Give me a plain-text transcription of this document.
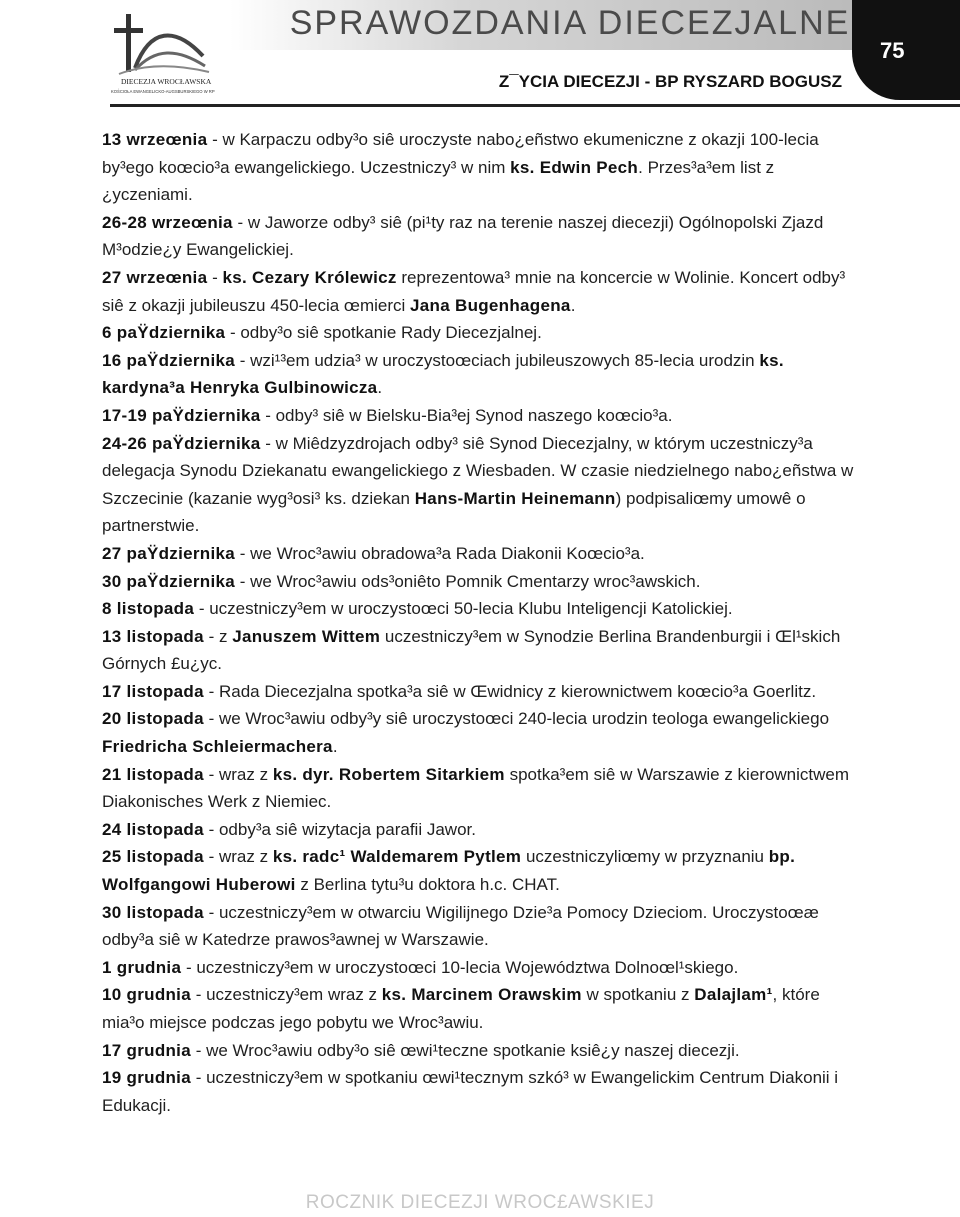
DIECEZJA WROCŁAWSKA
KOŚCIOŁA EWANGELICKO-AUGSBURSKIEGO W RP
SPRAWOZDANIA DIECEZJALNE
Z¯YCIA DIECEZJI - BP RYSZARD BOGUSZ
75
13 wrzeœnia - w Karpaczu odby³o siê uroczyste nabo¿eñstwo ekumeniczne z okazji 100-lecia by³ego koœcio³a ewangelickiego. Uczestniczy³ w nim ks. Edwin Pech. Przes³a³em list z ¿yczeniami.
26-28 wrzeœnia - w Jaworze odby³ siê (pi¹ty raz na terenie naszej diecezji) Ogólnopolski Zjazd M³odzie¿y Ewangelickiej.
27 wrzeœnia - ks. Cezary Królewicz reprezentowa³ mnie na koncercie w Wolinie. Koncert odby³ siê z okazji jubileuszu 450-lecia œmierci Jana Bugenhagena.
6 paŸdziernika - odby³o siê spotkanie Rady Diecezjalnej.
16 paŸdziernika - wzi¹³em udzia³ w uroczystoœciach jubileuszowych 85-lecia urodzin ks. kardyna³a Henryka Gulbinowicza.
17-19 paŸdziernika - odby³ siê w Bielsku-Bia³ej Synod naszego koœcio³a.
24-26 paŸdziernika - w Miêdzyzdrojach odby³ siê Synod Diecezjalny, w którym uczestniczy³a delegacja Synodu Dziekanatu ewangelickiego z Wiesbaden. W czasie niedzielnego nabo¿eñstwa w Szczecinie (kazanie wyg³osi³ ks. dziekan Hans-Martin Heinemann) podpisaliœmy umowê o partnerstwie.
27 paŸdziernika - we Wroc³awiu obradowa³a Rada Diakonii Koœcio³a.
30 paŸdziernika - we Wroc³awiu ods³oniêto Pomnik Cmentarzy wroc³awskich.
8 listopada - uczestniczy³em w uroczystoœci 50-lecia Klubu Inteligencji Katolickiej.
13 listopada - z Januszem Wittem uczestniczy³em w Synodzie Berlina Brandenburgii i Œl¹skich Górnych £u¿yc.
17 listopada - Rada Diecezjalna spotka³a siê w Œwidnicy z kierownictwem koœcio³a Goerlitz.
20 listopada - we Wroc³awiu odby³y siê uroczystoœci 240-lecia urodzin teologa ewangelickiego Friedricha Schleiermachera.
21 listopada - wraz z ks. dyr. Robertem Sitarkiem spotka³em siê w Warszawie z kierownictwem Diakonisches Werk z Niemiec.
24 listopada - odby³a siê wizytacja parafii Jawor.
25 listopada - wraz z ks. radc¹ Waldemarem Pytlem uczestniczyliœmy w przyznaniu bp. Wolfgangowi Huberowi z Berlina tytu³u doktora h.c. CHAT.
30 listopada - uczestniczy³em w otwarciu Wigilijnego Dzie³a Pomocy Dzieciom. Uroczystoœæ odby³a siê w Katedrze prawos³awnej w Warszawie.
1 grudnia - uczestniczy³em w uroczystoœci 10-lecia Województwa Dolnoœl¹skiego.
10 grudnia - uczestniczy³em wraz z ks. Marcinem Orawskim w spotkaniu z Dalajlam¹, które mia³o miejsce podczas jego pobytu we Wroc³awiu.
17 grudnia - we Wroc³awiu odby³o siê œwi¹teczne spotkanie ksiê¿y naszej diecezji.
19 grudnia - uczestniczy³em w spotkaniu œwi¹tecznym szkó³ w Ewangelickim Centrum Diakonii i Edukacji.
ROCZNIK DIECEZJI WROC£AWSKIEJ
